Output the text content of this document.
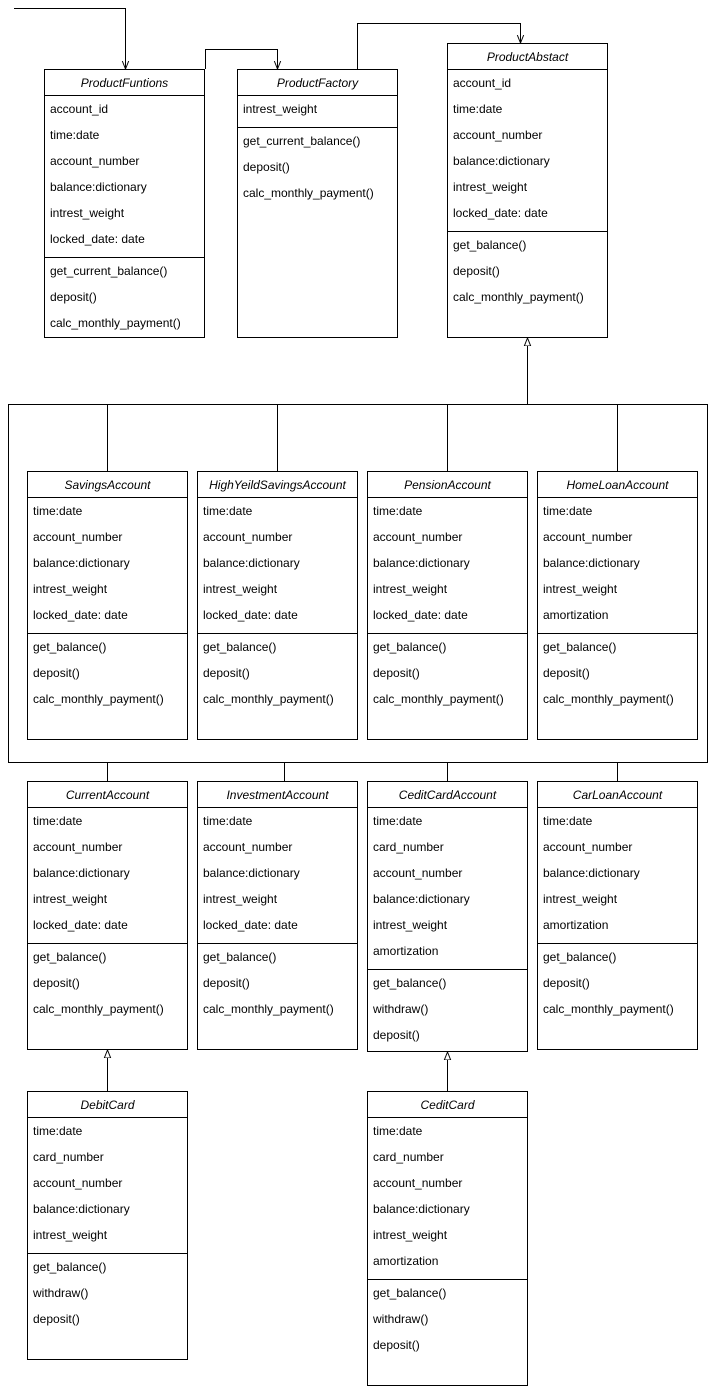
ProductFuntions
account_id
time:date
account_number
balance:dictionary
intrest_weight
locked_date: date
get_current_balance()
deposit()
calc_monthly_payment()
ProductFactory
intrest_weight
get_current_balance()
deposit()
calc_monthly_payment()
ProductAbstact
account_id
time:date
account_number
balance:dictionary
intrest_weight
locked_date: date
get_balance()
deposit()
calc_monthly_payment()
SavingsAccount
time:date
account_number
balance:dictionary
intrest_weight
locked_date: date
get_balance()
deposit()
calc_monthly_payment()
HighYeildSavingsAccount
time:date
account_number
balance:dictionary
intrest_weight
locked_date: date
get_balance()
deposit()
calc_monthly_payment()
PensionAccount
time:date
account_number
balance:dictionary
intrest_weight
locked_date: date
get_balance()
deposit()
calc_monthly_payment()
HomeLoanAccount
time:date
account_number
balance:dictionary
intrest_weight
amortization
get_balance()
deposit()
calc_monthly_payment()
CurrentAccount
time:date
account_number
balance:dictionary
intrest_weight
locked_date: date
get_balance()
deposit()
calc_monthly_payment()
InvestmentAccount
time:date
account_number
balance:dictionary
intrest_weight
locked_date: date
get_balance()
deposit()
calc_monthly_payment()
CeditCardAccount
time:date
card_number
account_number
balance:dictionary
intrest_weight
amortization
get_balance()
withdraw()
deposit()
CarLoanAccount
time:date
account_number
balance:dictionary
intrest_weight
amortization
get_balance()
deposit()
calc_monthly_payment()
DebitCard
time:date
card_number
account_number
balance:dictionary
intrest_weight
get_balance()
withdraw()
deposit()
CeditCard
time:date
card_number
account_number
balance:dictionary
intrest_weight
amortization
get_balance()
withdraw()
deposit()
